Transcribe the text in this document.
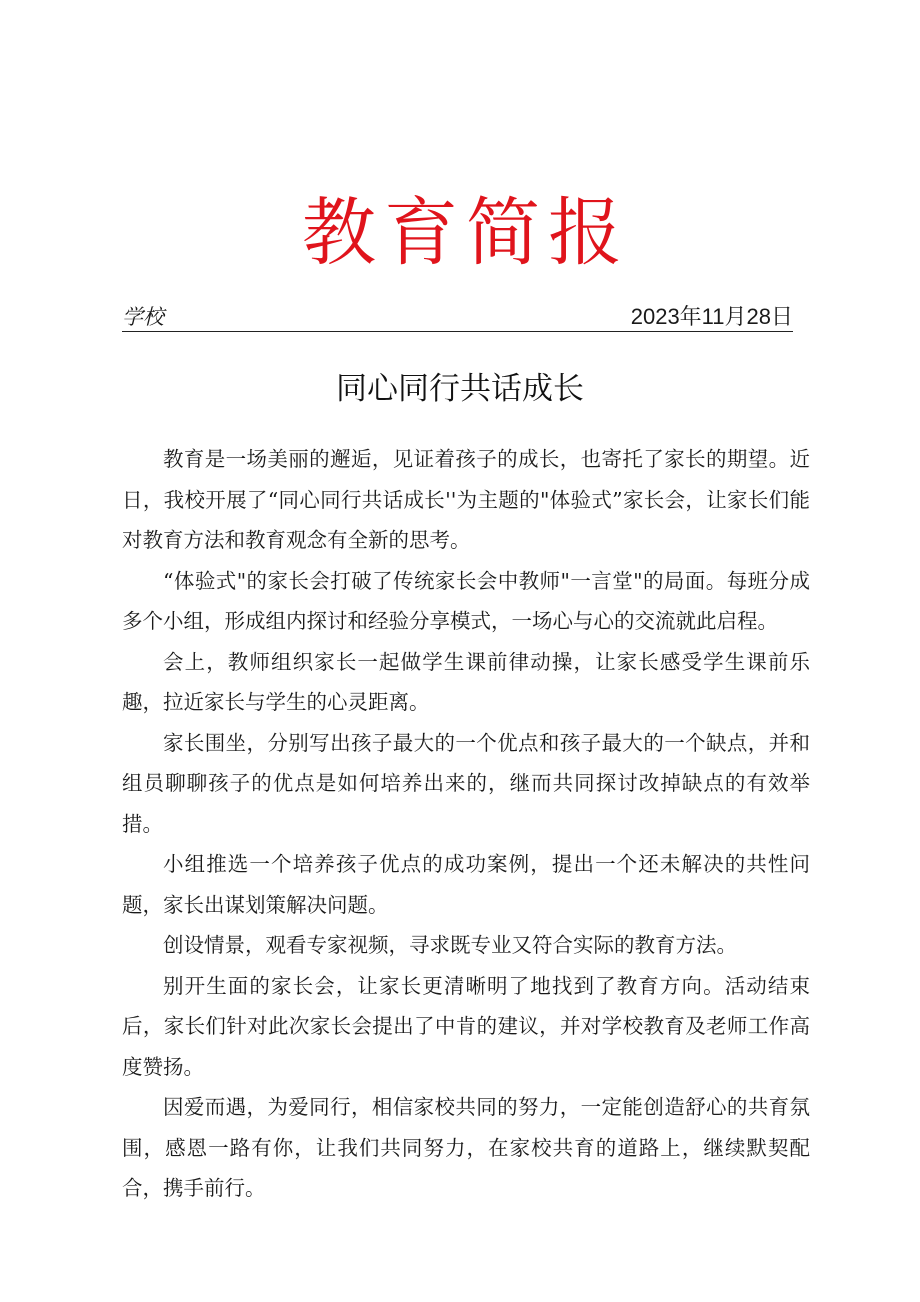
教育简报
学校	2023年11月28日
同心同行共话成长

教育是一场美丽的邂逅，见证着孩子的成长，也寄托了家长的期望。近日，我校开展了“同心同行共话成长''为主题的"体验式”家长会，让家长们能对教育方法和教育观念有全新的思考。

“体验式"的家长会打破了传统家长会中教师"一言堂"的局面。每班分成多个小组，形成组内探讨和经验分享模式，一场心与心的交流就此启程。

会上，教师组织家长一起做学生课前律动操，让家长感受学生课前乐趣，拉近家长与学生的心灵距离。

家长围坐，分别写出孩子最大的一个优点和孩子最大的一个缺点，并和组员聊聊孩子的优点是如何培养出来的，继而共同探讨改掉缺点的有效举措。

小组推选一个培养孩子优点的成功案例，提出一个还未解决的共性问题，家长出谋划策解决问题。

创设情景，观看专家视频，寻求既专业又符合实际的教育方法。

别开生面的家长会，让家长更清晰明了地找到了教育方向。活动结束后，家长们针对此次家长会提出了中肯的建议，并对学校教育及老师工作高度赞扬。

因爱而遇，为爱同行，相信家校共同的努力，一定能创造舒心的共育氛围，感恩一路有你，让我们共同努力，在家校共育的道路上，继续默契配合，携手前行。
